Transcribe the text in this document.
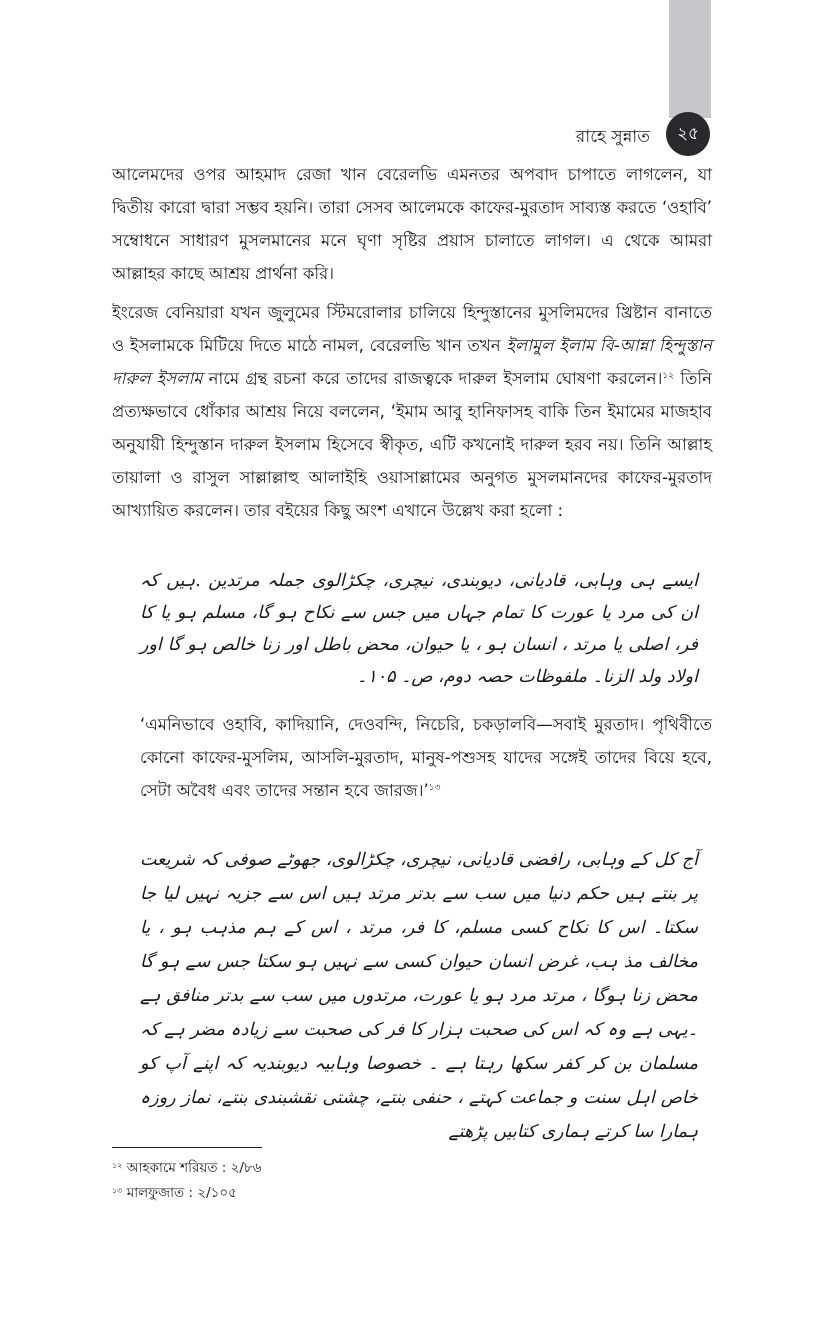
রাহে সুন্নাত	২৫

আলেমদের ওপর আহমাদ রেজা খান বেরেলভি এমনতর অপবাদ চাপাতে লাগলেন, যা দ্বিতীয় কারো দ্বারা সম্ভব হয়নি। তারা সেসব আলেমকে কাফের-মুরতাদ সাব্যস্ত করতে ‘ওহাবি’ সম্বোধনে সাধারণ মুসলমানের মনে ঘৃণা সৃষ্টির প্রয়াস চালাতে লাগল। এ থেকে আমরা আল্লাহর কাছে আশ্রয় প্রার্থনা করি।

ইংরেজ বেনিয়ারা যখন জুলুমের স্টিমরোলার চালিয়ে হিন্দুস্তানের মুসলিমদের খ্রিষ্টান বানাতে ও ইসলামকে মিটিয়ে দিতে মাঠে নামল, বেরেলভি খান তখন ইলামুল ইলাম বি-আন্না হিন্দুস্তান দারুল ইসলাম নামে গ্রন্থ রচনা করে তাদের রাজত্বকে দারুল ইসলাম ঘোষণা করলেন।$^{১২}$ তিনি প্রত্যক্ষভাবে ধোঁকার আশ্রয় নিয়ে বললেন, ‘ইমাম আবু হানিফাসহ বাকি তিন ইমামের মাজহাব অনুযায়ী হিন্দুস্তান দারুল ইসলাম হিসেবে স্বীকৃত, এটি কখনোই দারুল হরব নয়। তিনি আল্লাহ তায়ালা ও রাসুল সাল্লাল্লাহু আলাইহি ওয়াসাল্লামের অনুগত মুসলমানদের কাফের-মুরতাদ আখ্যায়িত করলেন। তার বইয়ের কিছু অংশ এখানে উল্লেখ করা হলো :

ایسے ہی وہابی، قادیانی، دیوبندی، نیچری، چکڑالوی جملہ مرتدین .ہیں کہ ان کی مرد یا عورت کا تمام جہاں میں جس سے نکاح ہو گا، مسلم ہو یا کا فر، اصلی یا مرتد ، انسان ہو ، یا حیوان، محض باطل اور زنا خالص ہو گا اور اولاد ولد الزنا۔ ملفوظات حصہ دوم، ص۔ ۱۰۵۔
‘এমনিভাবে ওহাবি, কাদিয়ানি, দেওবন্দি, নিচেরি, চকড়ালবি—সবাই মুরতাদ। পৃথিবীতে কোনো কাফের-মুসলিম, আসলি-মুরতাদ, মানুষ-পশুসহ যাদের সঙ্গেই তাদের বিয়ে হবে, সেটা অবৈধ এবং তাদের সন্তান হবে জারজ।’$^{১৩}$
آج کل کے وہابی، رافضی قادیانی، نیچری، چکڑالوی، جھوٹے صوفی کہ شریعت پر بنتے ہیں حکم دنیا میں سب سے بدتر مرتد ہیں اس سے جزیہ نہیں لیا جا سکتا۔ اس کا نکاح کسی مسلم، کا فر، مرتد ، اس کے ہم مذہب ہو ، یا مخالف مذ ہب، غرض انسان حیوان کسی سے نہیں ہو سکتا جس سے ہو گا محض زنا ہوگا ، مرتد مرد ہو یا عورت، مرتدوں میں سب سے بدتر منافق ہے ۔یہی ہے وہ کہ اس کی صحبت ہزار کا فر کی صحبت سے زیادہ مضر ہے کہ مسلمان بن کر کفر سکھا رہتا ہے ۔ خصوصا وہابیہ دیوبندیہ کہ اپنے آپ کو خاص اہل سنت و جماعت کہتے ، حنفی بنتے، چشتی نقشبندی بنتے، نماز روزہ ہمارا سا کرتے ہماری کتابیں پڑھتے
$^{১২}$ আহকামে শরিয়ত : ২/৮৬
$^{১৩}$ মালফুজাত : ২/১০৫
